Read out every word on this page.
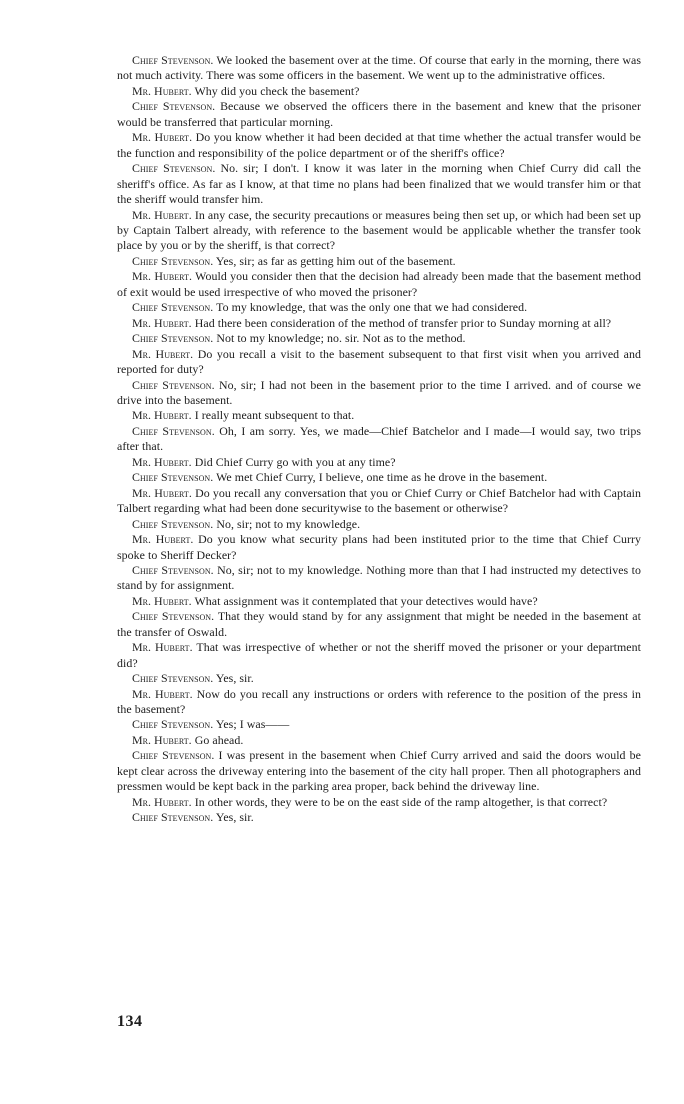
Chief Stevenson. We looked the basement over at the time. Of course that early in the morning, there was not much activity. There was some officers in the basement. We went up to the administrative offices.

Mr. Hubert. Why did you check the basement?

Chief Stevenson. Because we observed the officers there in the basement and knew that the prisoner would be transferred that particular morning.

Mr. Hubert. Do you know whether it had been decided at that time whether the actual transfer would be the function and responsibility of the police department or of the sheriff's office?

Chief Stevenson. No. sir; I don't. I know it was later in the morning when Chief Curry did call the sheriff's office. As far as I know, at that time no plans had been finalized that we would transfer him or that the sheriff would transfer him.

Mr. Hubert. In any case, the security precautions or measures being then set up, or which had been set up by Captain Talbert already, with reference to the basement would be applicable whether the transfer took place by you or by the sheriff, is that correct?

Chief Stevenson. Yes, sir; as far as getting him out of the basement.

Mr. Hubert. Would you consider then that the decision had already been made that the basement method of exit would be used irrespective of who moved the prisoner?

Chief Stevenson. To my knowledge, that was the only one that we had considered.

Mr. Hubert. Had there been consideration of the method of transfer prior to Sunday morning at all?

Chief Stevenson. Not to my knowledge; no. sir. Not as to the method.

Mr. Hubert. Do you recall a visit to the basement subsequent to that first visit when you arrived and reported for duty?

Chief Stevenson. No, sir; I had not been in the basement prior to the time I arrived. and of course we drive into the basement.

Mr. Hubert. I really meant subsequent to that.

Chief Stevenson. Oh, I am sorry. Yes, we made—Chief Batchelor and I made—I would say, two trips after that.

Mr. Hubert. Did Chief Curry go with you at any time?

Chief Stevenson. We met Chief Curry, I believe, one time as he drove in the basement.

Mr. Hubert. Do you recall any conversation that you or Chief Curry or Chief Batchelor had with Captain Talbert regarding what had been done securitywise to the basement or otherwise?

Chief Stevenson. No, sir; not to my knowledge.

Mr. Hubert. Do you know what security plans had been instituted prior to the time that Chief Curry spoke to Sheriff Decker?

Chief Stevenson. No, sir; not to my knowledge. Nothing more than that I had instructed my detectives to stand by for assignment.

Mr. Hubert. What assignment was it contemplated that your detectives would have?

Chief Stevenson. That they would stand by for any assignment that might be needed in the basement at the transfer of Oswald.

Mr. Hubert. That was irrespective of whether or not the sheriff moved the prisoner or your department did?

Chief Stevenson. Yes, sir.

Mr. Hubert. Now do you recall any instructions or orders with reference to the position of the press in the basement?

Chief Stevenson. Yes; I was——

Mr. Hubert. Go ahead.

Chief Stevenson. I was present in the basement when Chief Curry arrived and said the doors would be kept clear across the driveway entering into the basement of the city hall proper. Then all photographers and pressmen would be kept back in the parking area proper, back behind the driveway line.

Mr. Hubert. In other words, they were to be on the east side of the ramp altogether, is that correct?

Chief Stevenson. Yes, sir.

134
